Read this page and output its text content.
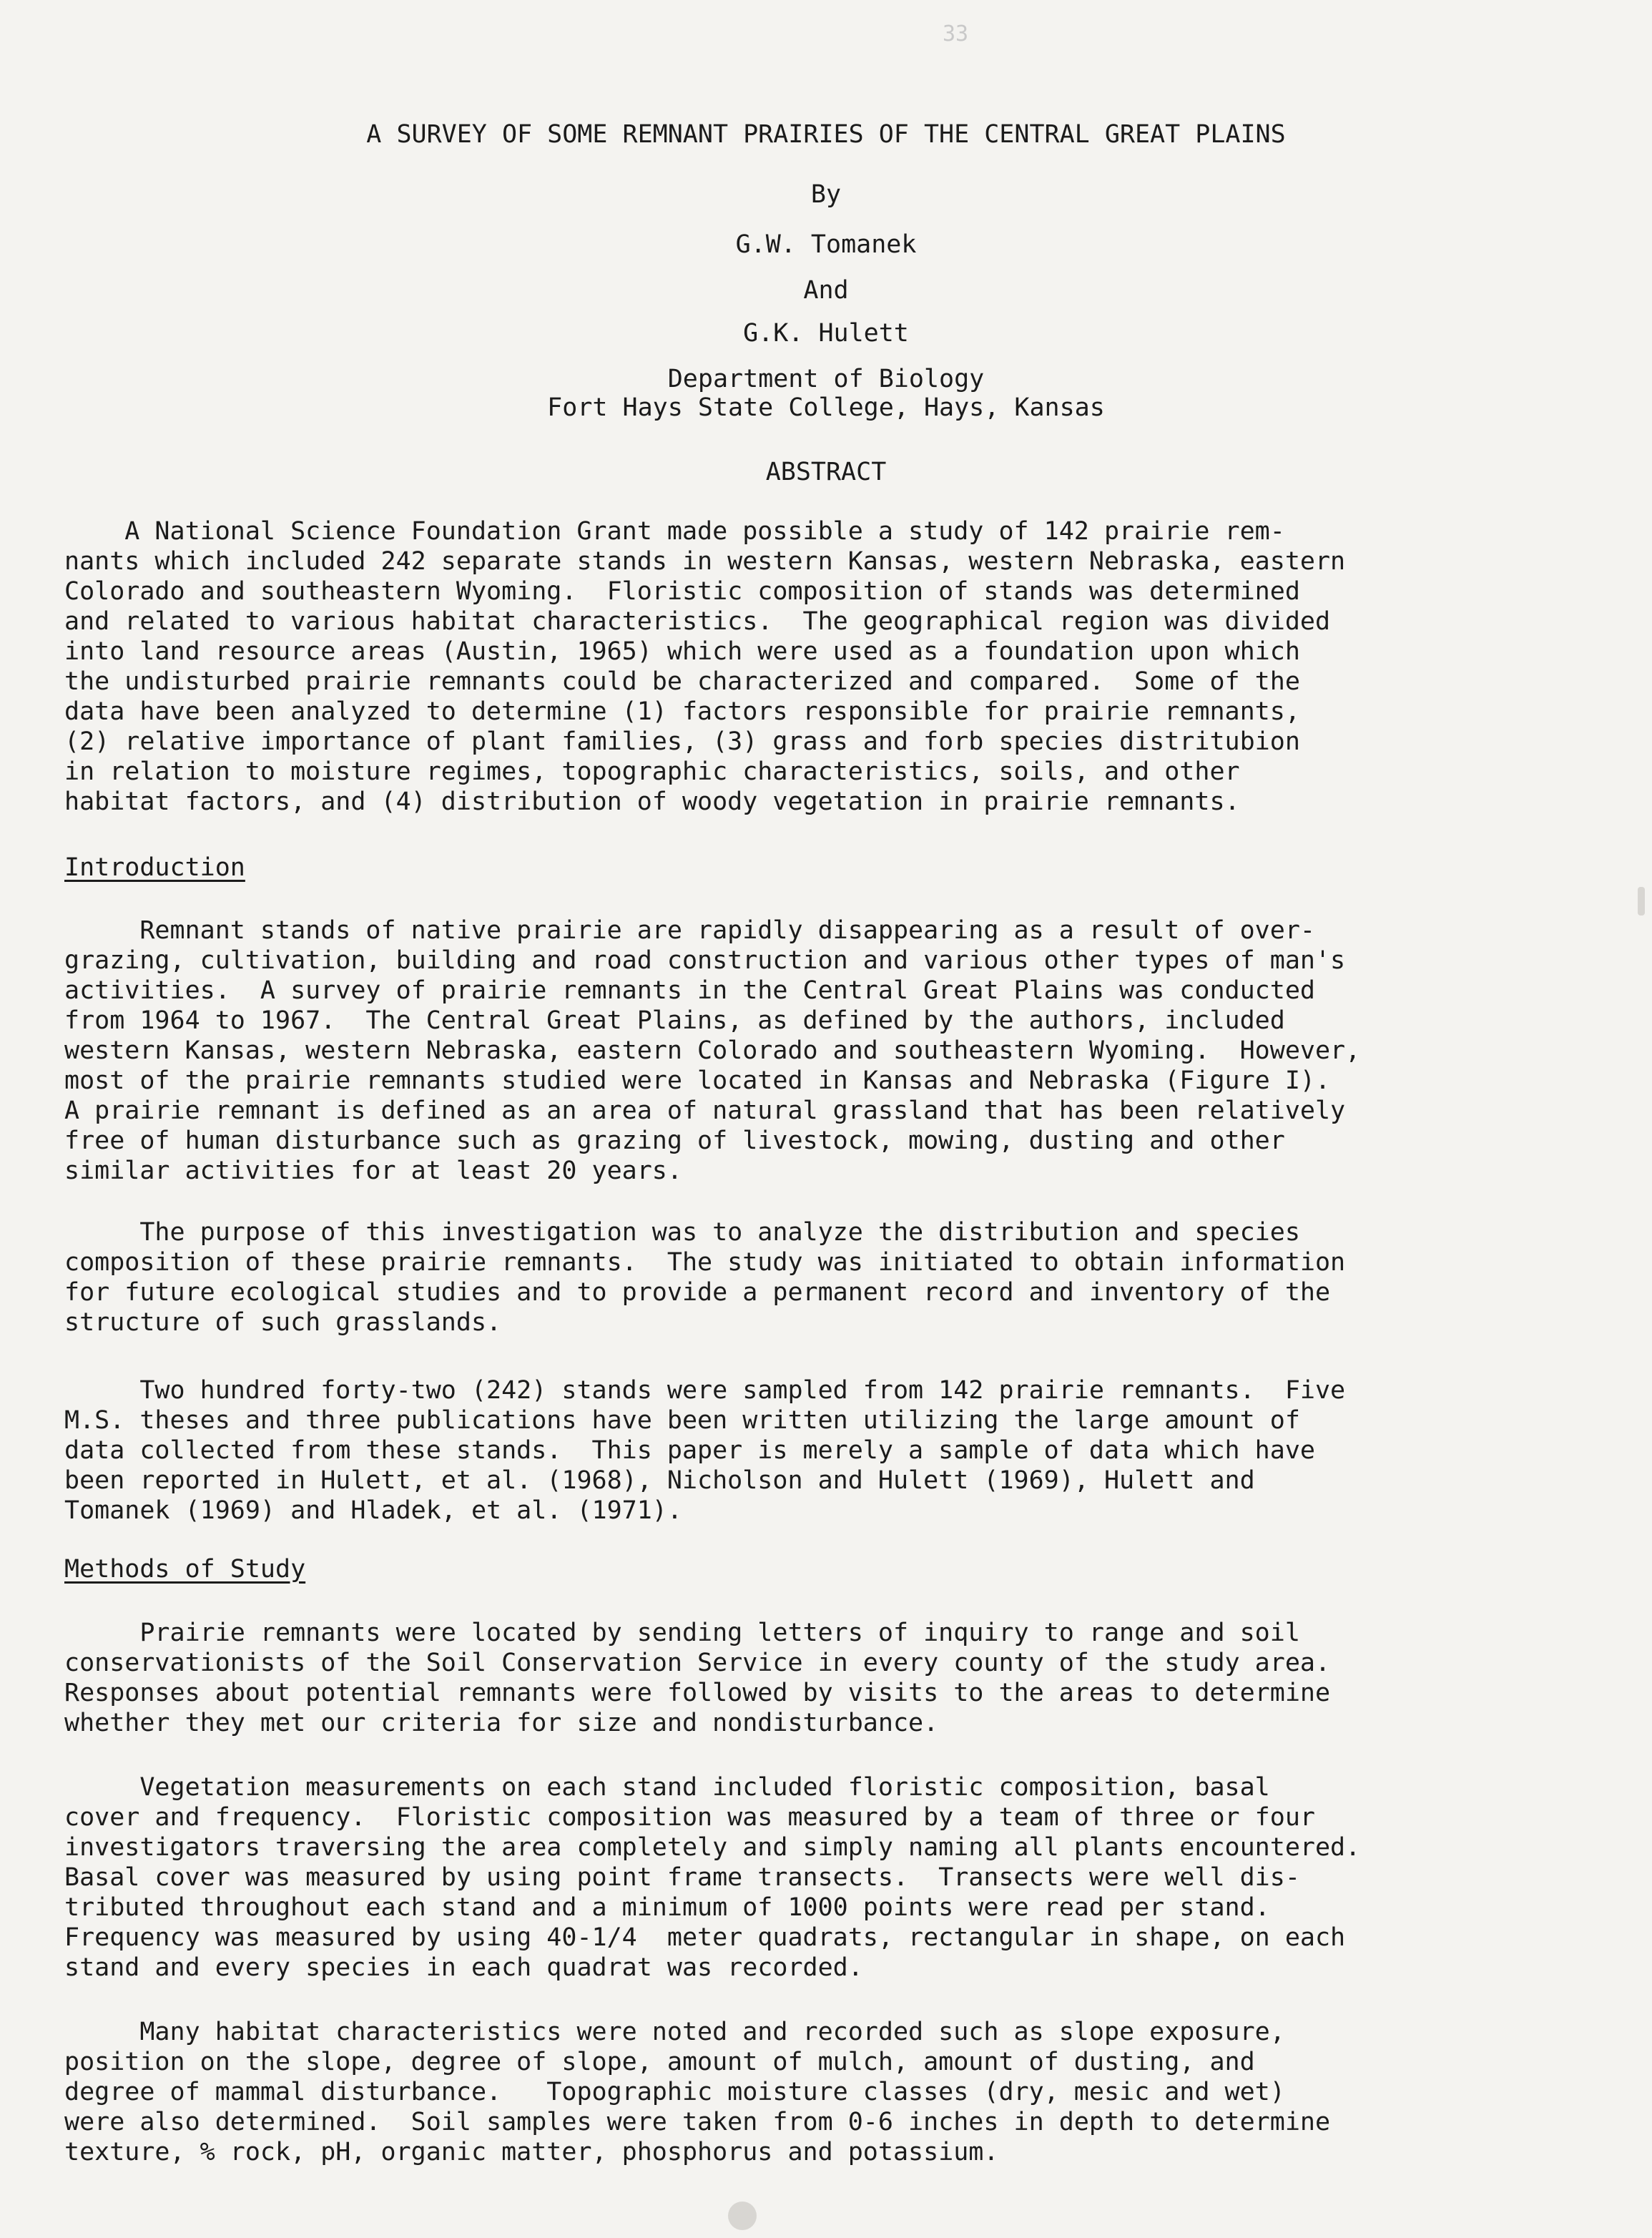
33
A SURVEY OF SOME REMNANT PRAIRIES OF THE CENTRAL GREAT PLAINS
By
G.W. Tomanek
And
G.K. Hulett
Department of Biology
Fort Hays State College, Hays, Kansas
ABSTRACT
A National Science Foundation Grant made possible a study of 142 prairie rem-
nants which included 242 separate stands in western Kansas, western Nebraska, eastern
Colorado and southeastern Wyoming.  Floristic composition of stands was determined
and related to various habitat characteristics.  The geographical region was divided
into land resource areas (Austin, 1965) which were used as a foundation upon which
the undisturbed prairie remnants could be characterized and compared.  Some of the
data have been analyzed to determine (1) factors responsible for prairie remnants,
(2) relative importance of plant families, (3) grass and forb species distritubion
in relation to moisture regimes, topographic characteristics, soils, and other
habitat factors, and (4) distribution of woody vegetation in prairie remnants.
Introduction
Remnant stands of native prairie are rapidly disappearing as a result of over-
grazing, cultivation, building and road construction and various other types of man's
activities.  A survey of prairie remnants in the Central Great Plains was conducted
from 1964 to 1967.  The Central Great Plains, as defined by the authors, included
western Kansas, western Nebraska, eastern Colorado and southeastern Wyoming.  However,
most of the prairie remnants studied were located in Kansas and Nebraska (Figure I).
A prairie remnant is defined as an area of natural grassland that has been relatively
free of human disturbance such as grazing of livestock, mowing, dusting and other
similar activities for at least 20 years.
The purpose of this investigation was to analyze the distribution and species
composition of these prairie remnants.  The study was initiated to obtain information
for future ecological studies and to provide a permanent record and inventory of the
structure of such grasslands.
Two hundred forty-two (242) stands were sampled from 142 prairie remnants.  Five
M.S. theses and three publications have been written utilizing the large amount of
data collected from these stands.  This paper is merely a sample of data which have
been reported in Hulett, et al. (1968), Nicholson and Hulett (1969), Hulett and
Tomanek (1969) and Hladek, et al. (1971).
Methods of Study
Prairie remnants were located by sending letters of inquiry to range and soil
conservationists of the Soil Conservation Service in every county of the study area.
Responses about potential remnants were followed by visits to the areas to determine
whether they met our criteria for size and nondisturbance.
Vegetation measurements on each stand included floristic composition, basal
cover and frequency.  Floristic composition was measured by a team of three or four
investigators traversing the area completely and simply naming all plants encountered.
Basal cover was measured by using point frame transects.  Transects were well dis-
tributed throughout each stand and a minimum of 1000 points were read per stand.
Frequency was measured by using 40-1/4  meter quadrats, rectangular in shape, on each
stand and every species in each quadrat was recorded.
Many habitat characteristics were noted and recorded such as slope exposure,
position on the slope, degree of slope, amount of mulch, amount of dusting, and
degree of mammal disturbance.   Topographic moisture classes (dry, mesic and wet)
were also determined.  Soil samples were taken from 0-6 inches in depth to determine
texture, % rock, pH, organic matter, phosphorus and potassium.
